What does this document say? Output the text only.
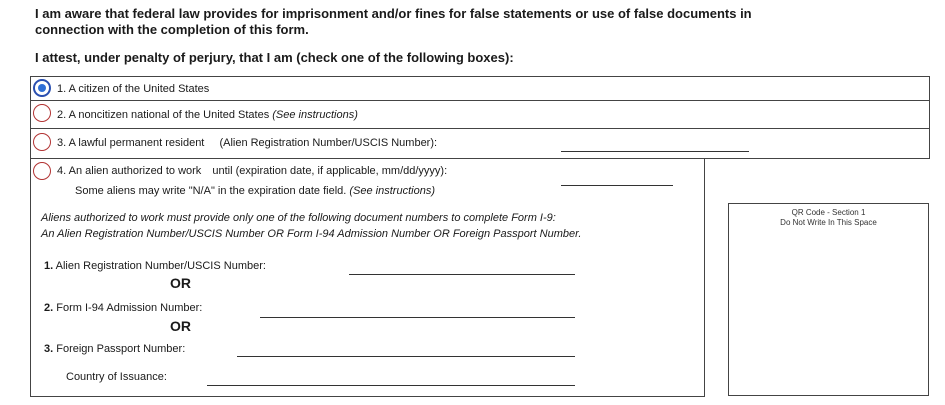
I am aware that federal law provides for imprisonment and/or fines for false statements or use of false documents in
connection with the completion of this form.
I attest, under penalty of perjury, that I am (check one of the following boxes):
1. A citizen of the United States
2. A noncitizen national of the United States (See instructions)
3. A lawful permanent resident (Alien Registration Number/USCIS Number):
4. An alien authorized to work until (expiration date, if applicable, mm/dd/yyyy):
Some aliens may write "N/A" in the expiration date field. (See instructions)
Aliens authorized to work must provide only one of the following document numbers to complete Form I-9:
An Alien Registration Number/USCIS Number OR Form I-94 Admission Number OR Foreign Passport Number.
1. Alien Registration Number/USCIS Number:
OR
2. Form I-94 Admission Number:
OR
3. Foreign Passport Number:
Country of Issuance:
QR Code - Section 1
Do Not Write In This Space
